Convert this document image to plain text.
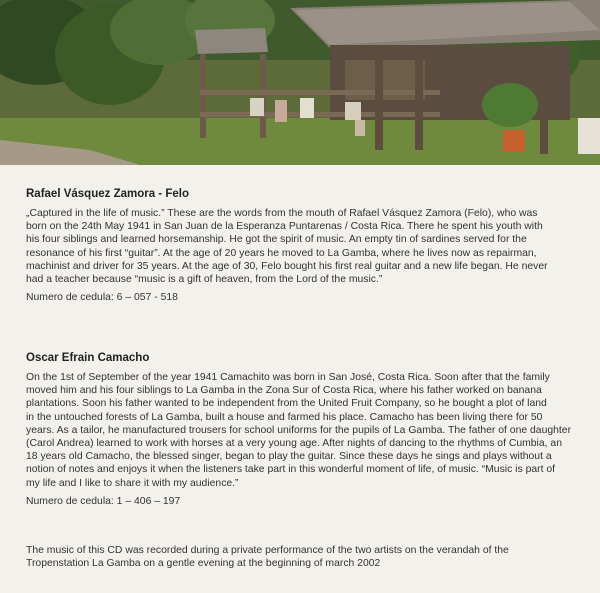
Rafael Vásquez Zamora - Felo
„Captured in the life of music.” These are the words from the mouth of Rafael Vásquez Zamora (Felo), who was
born on the 24th May 1941 in San Juan de la Esperanza Puntarenas / Costa Rica. There he spent his youth with
his four siblings and learned horsemanship. He got the spirit of music. An empty tin of sardines served for the
resonance of his first “guitar”. At the age of 20 years he moved to La Gamba, where he lives now as repairman,
machinist and driver for 35 years. At the age of 30, Felo bought his first real guitar and a new life began. He never
had a teacher because “music is a gift of heaven, from the Lord of the music.”
Numero de cedula: 6 – 057 - 518
Oscar Efrain Camacho
On the 1st of September of the year 1941 Camachito was born in San José, Costa Rica. Soon after that the family
moved him and his four siblings to La Gamba in the Zona Sur of Costa Rica, where his father worked on banana
plantations. Soon his father wanted to be independent from the United Fruit Company, so he bought a plot of land
in the untouched forests of La Gamba, built a house and farmed his place. Camacho has been living there for 50
years. As a tailor, he manufactured trousers for school uniforms for the pupils of La Gamba. The father of one daughter
(Carol Andrea) learned to work with horses at a very young age. After nights of dancing to the rhythms of Cumbia, an
18 years old Camacho, the blessed singer, began to play the guitar. Since these days he sings and plays without a
notion of notes and enjoys it when the listeners take part in this wonderful moment of life, of music. “Music is part of
my life and I like to share it with my audience.”
Numero de cedula: 1 – 406 – 197
The music of this CD was recorded during a private performance of the two artists on the verandah of the
Tropenstation La Gamba on a gentle evening at the beginning of march 2002
